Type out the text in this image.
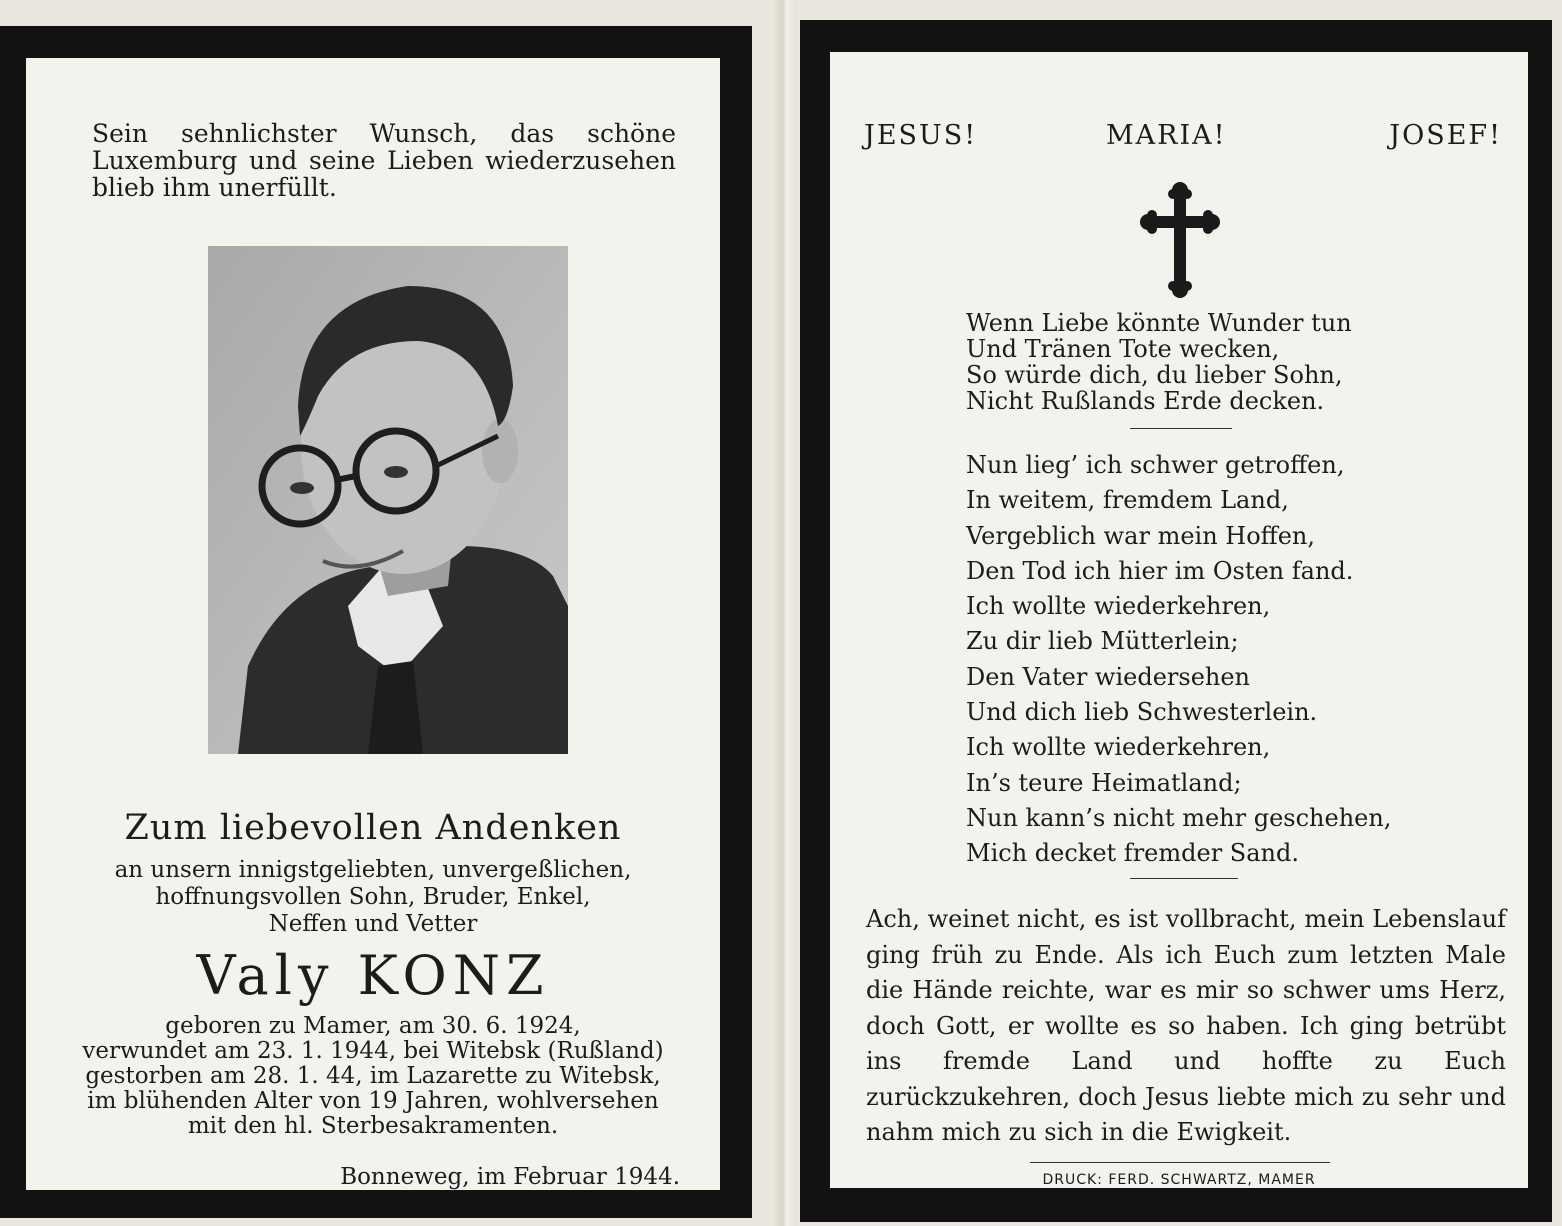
Sein sehnlichster Wunsch, das schöne Luxemburg und seine Lieben wiederzusehen blieb ihm unerfüllt.
Zum liebevollen Andenken
an unsern innigstgeliebten, unvergeßlichen,
hoffnungsvollen Sohn, Bruder, Enkel,
Neffen und Vetter
Valy KONZ
geboren zu Mamer, am 30. 6. 1924,
verwundet am 23. 1. 1944, bei Witebsk (Rußland)
gestorben am 28. 1. 44, im Lazarette zu Witebsk,
im blühenden Alter von 19 Jahren, wohlversehen
mit den hl. Sterbesakramenten.
Bonneweg, im Februar 1944.
JESUS!	MARIA!	JOSEF!
Wenn Liebe könnte Wunder tun
Und Tränen Tote wecken,
So würde dich, du lieber Sohn,
Nicht Rußlands Erde decken.
Nun lieg’ ich schwer getroffen,
In weitem, fremdem Land,
Vergeblich war mein Hoffen,
Den Tod ich hier im Osten fand.
Ich wollte wiederkehren,
Zu dir lieb Mütterlein;
Den Vater wiedersehen
Und dich lieb Schwesterlein.
Ich wollte wiederkehren,
In’s teure Heimatland;
Nun kann’s nicht mehr geschehen,
Mich decket fremder Sand.
Ach, weinet nicht, es ist vollbracht, mein Lebenslauf ging früh zu Ende. Als ich Euch zum letzten Male die Hände reichte, war es mir so schwer ums Herz, doch Gott, er wollte es so haben. Ich ging betrübt ins fremde Land und hoffte zu Euch zurückzukehren, doch Jesus liebte mich zu sehr und nahm mich zu sich in die Ewigkeit.
DRUCK: FERD. SCHWARTZ, MAMER
